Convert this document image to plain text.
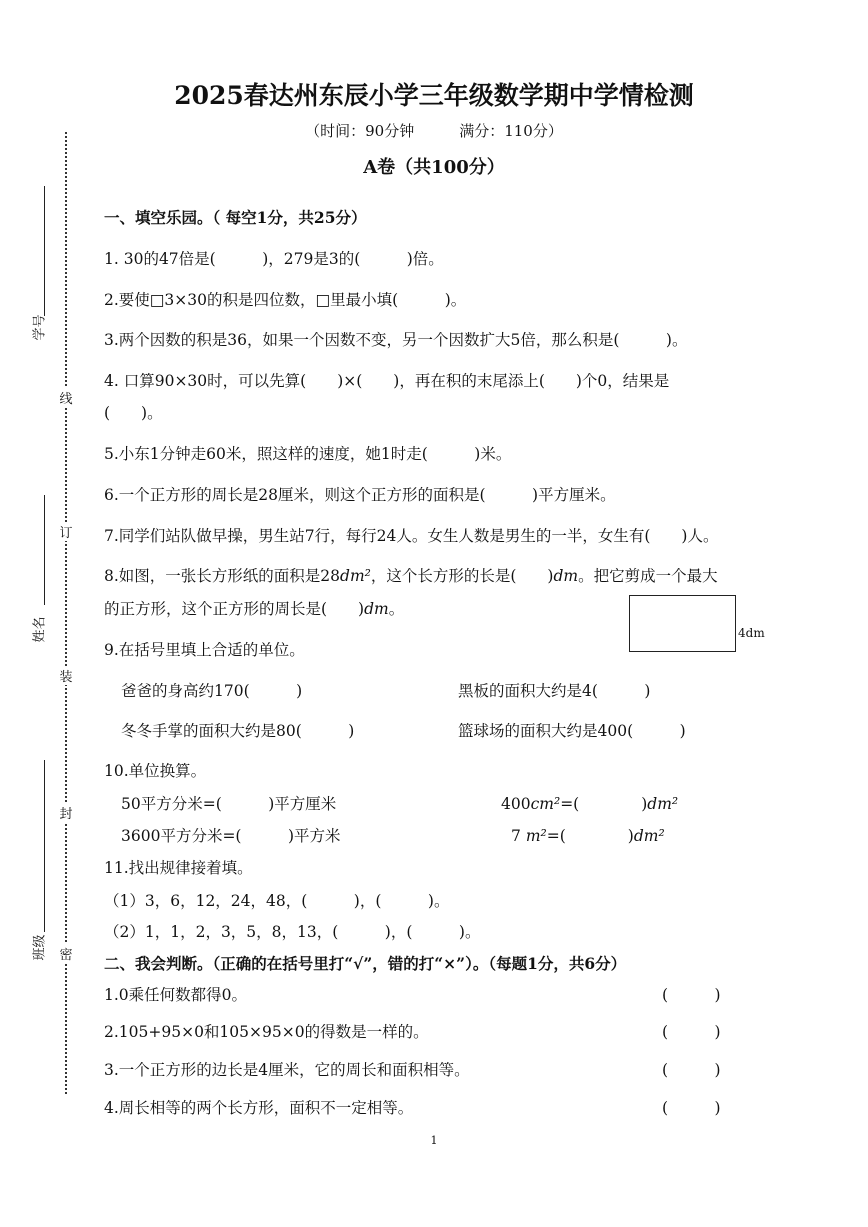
学号
姓名
班级
线
订
装
封
密
2025春达州东辰小学三年级数学期中学情检测
（时间：90分钟　　　满分：110分）
A卷（共100分）
一、填空乐园。（ 每空1分，共25分）
1. 30的47倍是(　　　)，279是3的(　　　)倍。
2.要使□3×30的积是四位数，□里最小填(　　　)。
3.两个因数的积是36，如果一个因数不变，另一个因数扩大5倍，那么积是(　　　)。
4. 口算90×30时，可以先算(　　)×(　　)，再在积的末尾添上(　　)个0，结果是
(　　)。
5.小东1分钟走60米，照这样的速度，她1时走(　　　)米。
6.一个正方形的周长是28厘米，则这个正方形的面积是(　　　)平方厘米。
7.同学们站队做早操，男生站7行，每行24人。女生人数是男生的一半，女生有(　　)人。
8.如图，一张长方形纸的面积是28dm²，这个长方形的长是(　　)dm。把它剪成一个最大
的正方形，这个正方形的周长是(　　)dm。
4dm
9.在括号里填上合适的单位。
爸爸的身高约170(　　　)	黑板的面积大约是4(　　　)
冬冬手掌的面积大约是80(　　　)	篮球场的面积大约是400(　　　)
10.单位换算。
50平方分米=(　　　)平方厘米	400cm²=(　　　　)dm²
3600平方分米=(　　　)平方米	7 m²=(　　　　)dm²
11.找出规律接着填。
（1）3，6，12，24，48，(　　　)，(　　　)。
（2）1，1，2，3，5，8，13，(　　　)，(　　　)。
二、我会判断。（正确的在括号里打“√”，错的打“×”）。（每题1分，共6分）
1.0乘任何数都得0。	(　　　)
2.105+95×0和105×95×0的得数是一样的。	(　　　)
3.一个正方形的边长是4厘米，它的周长和面积相等。	(　　　)
4.周长相等的两个长方形，面积不一定相等。	(　　　)
1
